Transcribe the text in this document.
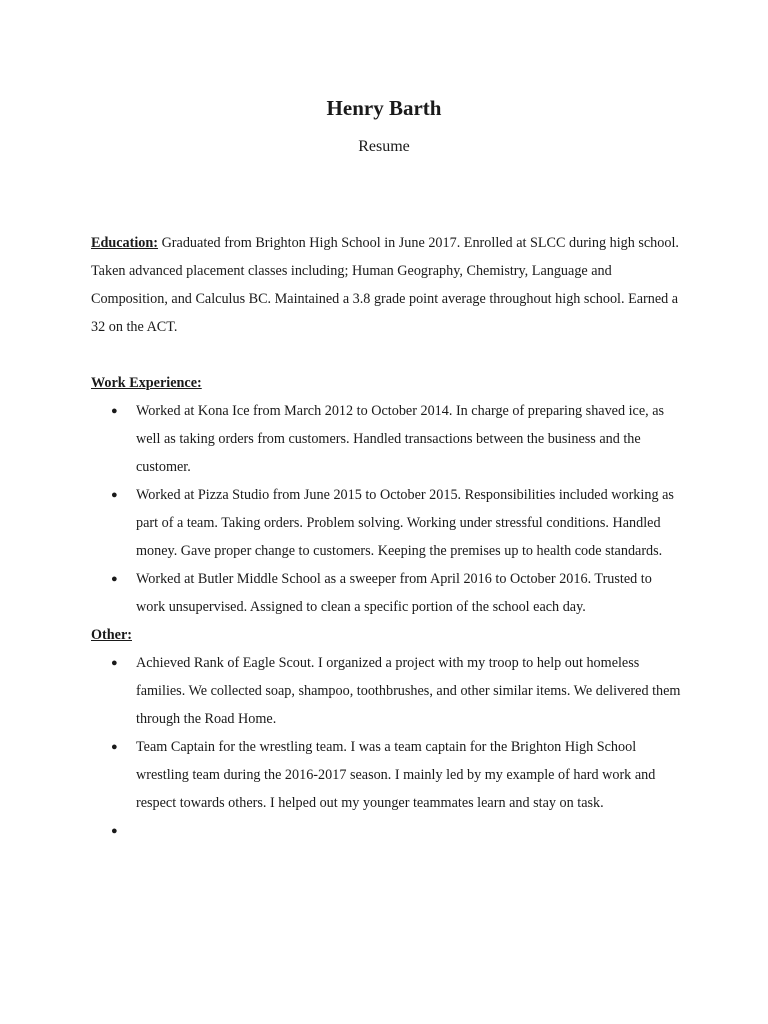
Henry Barth
Resume

Education: Graduated from Brighton High School in June 2017. Enrolled at SLCC during high school. Taken advanced placement classes including; Human Geography, Chemistry, Language and Composition, and Calculus BC. Maintained a 3.8 grade point average throughout high school. Earned a 32 on the ACT.

Work Experience:

● Worked at Kona Ice from March 2012 to October 2014. In charge of preparing shaved ice, as well as taking orders from customers. Handled transactions between the business and the customer.
● Worked at Pizza Studio from June 2015 to October 2015. Responsibilities included working as part of a team. Taking orders. Problem solving. Working under stressful conditions. Handled money. Gave proper change to customers. Keeping the premises up to health code standards.
● Worked at Butler Middle School as a sweeper from April 2016 to October 2016. Trusted to work unsupervised. Assigned to clean a specific portion of the school each day.

Other:

● Achieved Rank of Eagle Scout. I organized a project with my troop to help out homeless families. We collected soap, shampoo, toothbrushes, and other similar items. We delivered them through the Road Home.
● Team Captain for the wrestling team. I was a team captain for the Brighton High School wrestling team during the 2016-2017 season. I mainly led by my example of hard work and respect towards others. I helped out my younger teammates learn and stay on task.
●
